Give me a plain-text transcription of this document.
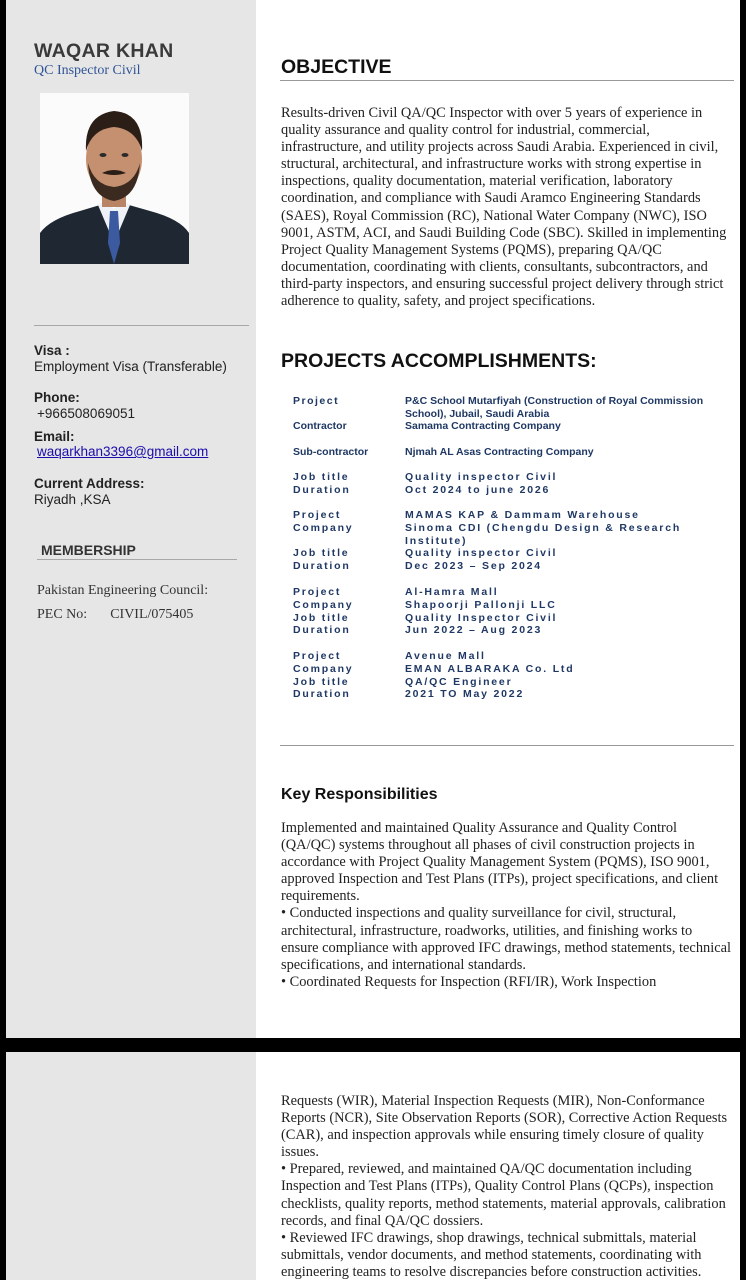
WAQAR KHAN
QC Inspector Civil
Visa :
Employment Visa (Transferable)
Phone:
+966508069051
Email:
waqarkhan3396@gmail.com
Current Address:
Riyadh ,KSA
MEMBERSHIP
Pakistan Engineering Council:
PEC No: CIVIL/075405
OBJECTIVE
Results-driven Civil QA/QC Inspector with over 5 years of experience in quality assurance and quality control for industrial, commercial, infrastructure, and utility projects across Saudi Arabia. Experienced in civil, structural, architectural, and infrastructure works with strong expertise in inspections, quality documentation, material verification, laboratory coordination, and compliance with Saudi Aramco Engineering Standards (SAES), Royal Commission (RC), National Water Company (NWC), ISO 9001, ASTM, ACI, and Saudi Building Code (SBC). Skilled in implementing Project Quality Management Systems (PQMS), preparing QA/QC documentation, coordinating with clients, consultants, subcontractors, and third-party inspectors, and ensuring successful project delivery through strict adherence to quality, safety, and project specifications.
PROJECTS ACCOMPLISHMENTS:
Project	P&C School Mutarfiyah (Construction of Royal Commission School), Jubail, Saudi Arabia
Contractor	Samama Contracting Company
Sub-contractor	Njmah AL Asas Contracting Company
Job title	Quality inspector Civil
Duration	Oct 2024 to june 2026
Project	MAMAS KAP & Dammam Warehouse
Company	Sinoma CDI (Chengdu Design & Research Institute)
Job title	Quality inspector Civil
Duration	Dec 2023 – Sep 2024
Project	Al-Hamra Mall
Company	Shapoorji Pallonji LLC
Job title	Quality Inspector Civil
Duration	Jun 2022 – Aug 2023
Project	Avenue Mall
Company	EMAN ALBARAKA Co. Ltd
Job title	QA/QC Engineer
Duration	2021 TO May 2022
Key Responsibilities
Implemented and maintained Quality Assurance and Quality Control (QA/QC) systems throughout all phases of civil construction projects in accordance with Project Quality Management System (PQMS), ISO 9001, approved Inspection and Test Plans (ITPs), project specifications, and client requirements.
• Conducted inspections and quality surveillance for civil, structural, architectural, infrastructure, roadworks, utilities, and finishing works to ensure compliance with approved IFC drawings, method statements, technical specifications, and international standards.
• Coordinated Requests for Inspection (RFI/IR), Work Inspection
Requests (WIR), Material Inspection Requests (MIR), Non-Conformance Reports (NCR), Site Observation Reports (SOR), Corrective Action Requests (CAR), and inspection approvals while ensuring timely closure of quality issues.
• Prepared, reviewed, and maintained QA/QC documentation including Inspection and Test Plans (ITPs), Quality Control Plans (QCPs), inspection checklists, quality reports, method statements, material approvals, calibration records, and final QA/QC dossiers.
• Reviewed IFC drawings, shop drawings, technical submittals, material submittals, vendor documents, and method statements, coordinating with engineering teams to resolve discrepancies before construction activities.
